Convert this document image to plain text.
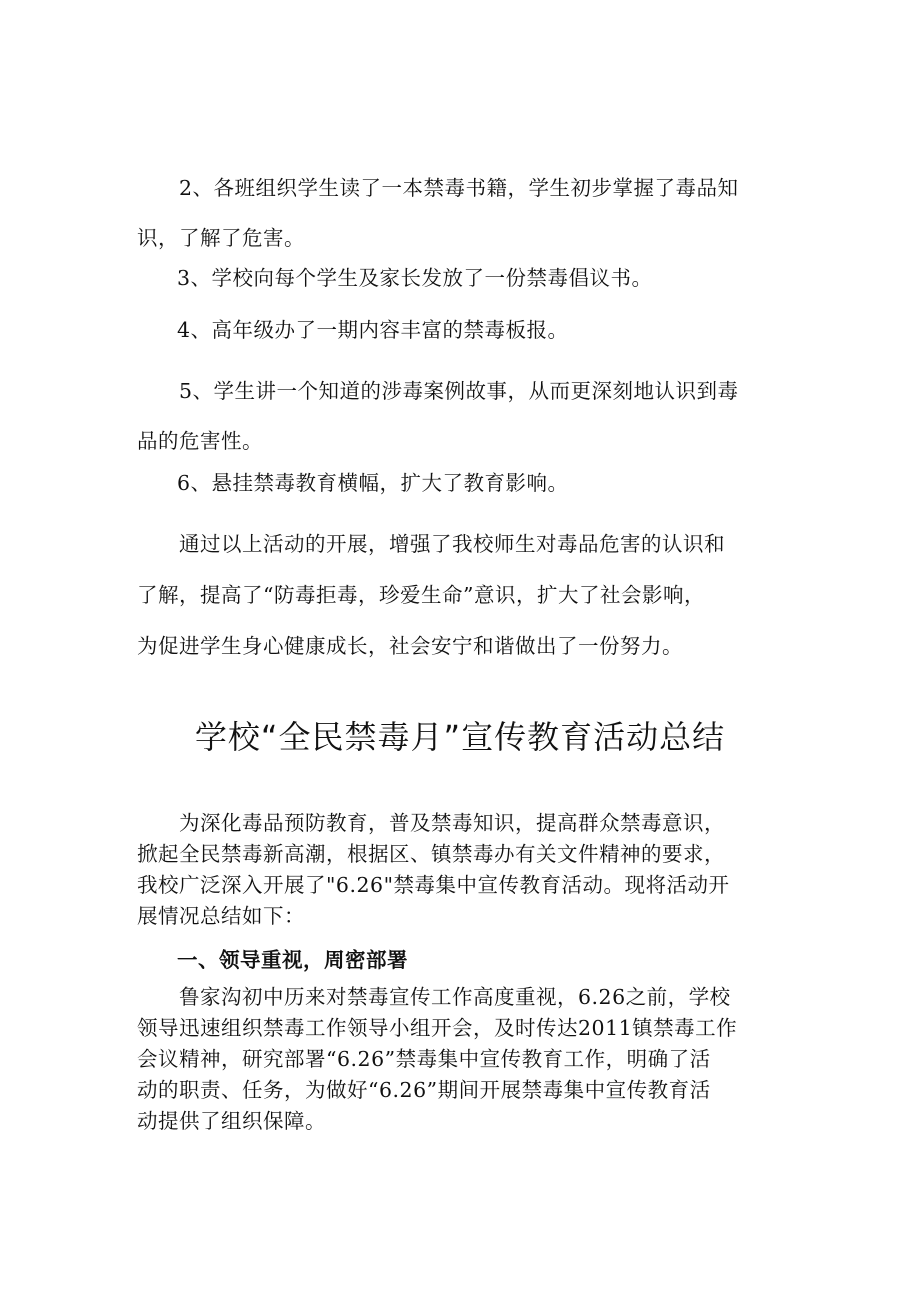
2、各班组织学生读了一本禁毒书籍，学生初步掌握了毒品知
识，了解了危害。

3、学校向每个学生及家长发放了一份禁毒倡议书。

4、高年级办了一期内容丰富的禁毒板报。

5、学生讲一个知道的涉毒案例故事，从而更深刻地认识到毒
品的危害性。

6、悬挂禁毒教育横幅，扩大了教育影响。

通过以上活动的开展，增强了我校师生对毒品危害的认识和
了解，提高了“防毒拒毒，珍爱生命”意识，扩大了社会影响，
为促进学生身心健康成长，社会安宁和谐做出了一份努力。

学校“全民禁毒月”宣传教育活动总结

为深化毒品预防教育，普及禁毒知识，提高群众禁毒意识，
掀起全民禁毒新高潮，根据区、镇禁毒办有关文件精神的要求，
我校广泛深入开展了"6.26"禁毒集中宣传教育活动。现将活动开
展情况总结如下：

一、领导重视，周密部署

鲁家沟初中历来对禁毒宣传工作高度重视，6.26之前，学校
领导迅速组织禁毒工作领导小组开会，及时传达2011镇禁毒工作
会议精神，研究部署“6.26”禁毒集中宣传教育工作，明确了活
动的职责、任务，为做好“6.26”期间开展禁毒集中宣传教育活
动提供了组织保障。
